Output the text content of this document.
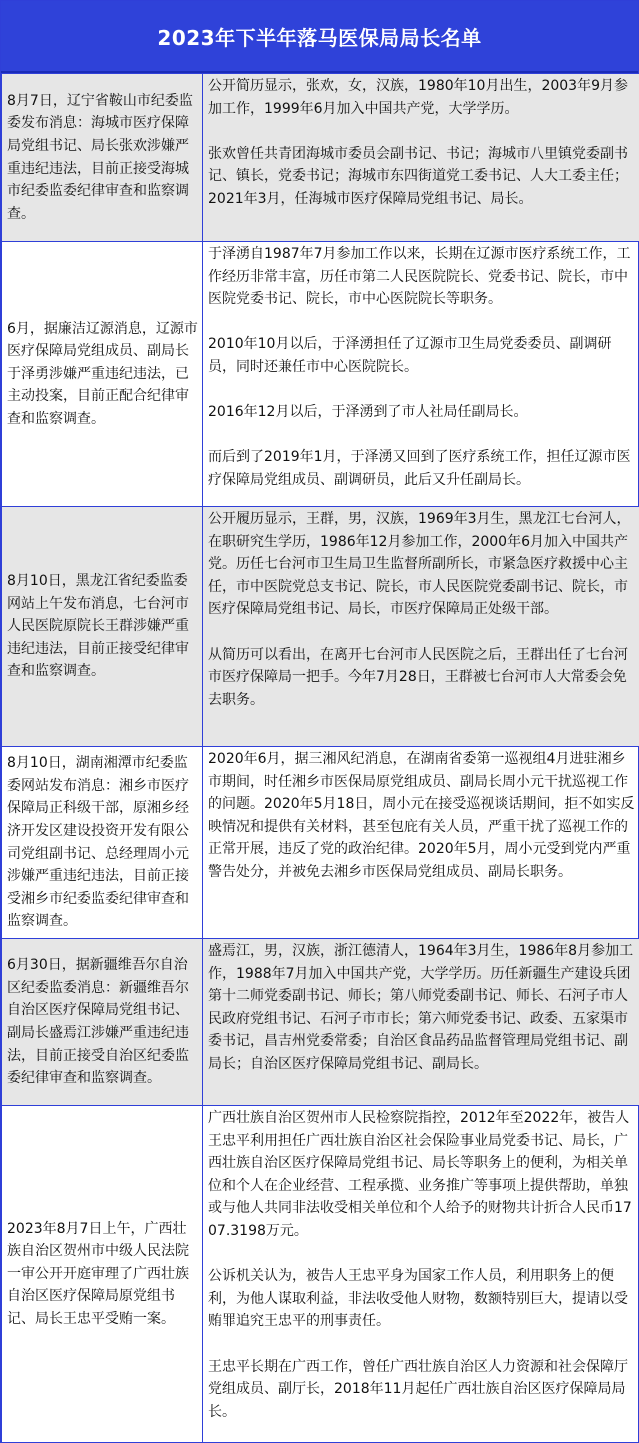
2023年下半年落马医保局局长名单
8月7日，辽宁省鞍山市纪委监委发布消息：海城市医疗保障局党组书记、局长张欢涉嫌严重违纪违法，目前正接受海城市纪委监委纪律审查和监察调查。	公开简历显示，张欢，女，汉族，1980年10月出生，2003年9月参加工作，1999年6月加入中国共产党，大学学历。

张欢曾任共青团海城市委员会副书记、书记；海城市八里镇党委副书记、镇长，党委书记；海城市东四街道党工委书记、人大工委主任；2021年3月，任海城市医疗保障局党组书记、局长。

6月，据廉洁辽源消息，辽源市医疗保障局党组成员、副局长于泽勇涉嫌严重违纪违法，已主动投案，目前正配合纪律审查和监察调查。	于泽湧自1987年7月参加工作以来，长期在辽源市医疗系统工作，工作经历非常丰富，历任市第二人民医院院长、党委书记、院长，市中医院党委书记、院长，市中心医院院长等职务。

2010年10月以后，于泽湧担任了辽源市卫生局党委委员、副调研员，同时还兼任市中心医院院长。

2016年12月以后，于泽湧到了市人社局任副局长。

而后到了2019年1月，于泽湧又回到了医疗系统工作，担任辽源市医疗保障局党组成员、副调研员，此后又升任副局长。

8月10日，黑龙江省纪委监委网站上午发布消息，七台河市人民医院原院长王群涉嫌严重违纪违法，目前正接受纪律审查和监察调查。	公开履历显示，王群，男，汉族，1969年3月生，黑龙江七台河人，在职研究生学历，1986年12月参加工作，2000年6月加入中国共产党。历任七台河市卫生局卫生监督所副所长，市紧急医疗救援中心主任，市中医院党总支书记、院长，市人民医院党委副书记、院长，市医疗保障局党组书记、局长，市医疗保障局正处级干部。

从简历可以看出，在离开七台河市人民医院之后，王群出任了七台河市医疗保障局一把手。今年7月28日，王群被七台河市人大常委会免去职务。

8月10日，湖南湘潭市纪委监委网站发布消息：湘乡市医疗保障局正科级干部，原湘乡经济开发区建设投资开发有限公司党组副书记、总经理周小元涉嫌严重违纪违法，目前正接受湘乡市纪委监委纪律审查和监察调查。	2020年6月，据三湘风纪消息，在湖南省委第一巡视组4月进驻湘乡市期间，时任湘乡市医保局原党组成员、副局长周小元干扰巡视工作的问题。2020年5月18日，周小元在接受巡视谈话期间，拒不如实反映情况和提供有关材料，甚至包庇有关人员，严重干扰了巡视工作的正常开展，违反了党的政治纪律。2020年5月，周小元受到党内严重警告处分，并被免去湘乡市医保局党组成员、副局长职务。

6月30日，据新疆维吾尔自治区纪委监委消息：新疆维吾尔自治区医疗保障局党组书记、副局长盛焉江涉嫌严重违纪违法，目前正接受自治区纪委监委纪律审查和监察调查。	盛焉江，男，汉族，浙江德清人，1964年3月生，1986年8月参加工作，1988年7月加入中国共产党，大学学历。历任新疆生产建设兵团第十二师党委副书记、师长；第八师党委副书记、师长、石河子市人民政府党组书记、石河子市市长；第六师党委书记、政委、五家渠市委书记，昌吉州党委常委；自治区食品药品监督管理局党组书记、副局长；自治区医疗保障局党组书记、副局长。

2023年8月7日上午，广西壮族自治区贺州市中级人民法院一审公开开庭审理了广西壮族自治区医疗保障局原党组书记、局长王忠平受贿一案。	广西壮族自治区贺州市人民检察院指控，2012年至2022年，被告人王忠平利用担任广西壮族自治区社会保险事业局党委书记、局长，广西壮族自治区医疗保障局党组书记、局长等职务上的便利，为相关单位和个人在企业经营、工程承揽、业务推广等事项上提供帮助，单独或与他人共同非法收受相关单位和个人给予的财物共计折合人民币1707.3198万元。

公诉机关认为，被告人王忠平身为国家工作人员，利用职务上的便利，为他人谋取利益，非法收受他人财物，数额特别巨大，提请以受贿罪追究王忠平的刑事责任。

王忠平长期在广西工作，曾任广西壮族自治区人力资源和社会保障厅党组成员、副厅长，2018年11月起任广西壮族自治区医疗保障局局长。
